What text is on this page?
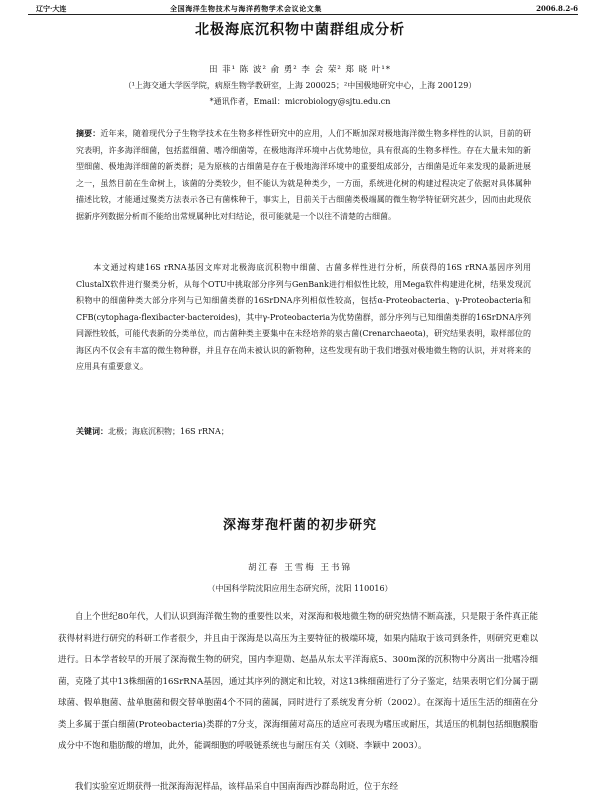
辽宁·大连	全国海洋生物技术与海洋药物学术会议论文集	2006.8.2-6
北极海底沉积物中菌群组成分析
田 菲¹ 陈 波² 俞 勇² 李 会 荣² 郑 晓 叶¹*
（¹上海交通大学医学院，病原生物学教研室，上海 200025；²中国极地研究中心，上海 200129）
*通讯作者，Email：microbiology@sjtu.edu.cn

摘要：近年来，随着现代分子生物学技术在生物多样性研究中的应用，人们不断加深对极地海洋微生物多样性的认识，目前的研究表明，许多海洋细菌，包括蓝细菌、嗜冷细菌等，在极地海洋环境中占优势地位，具有很高的生物多样性。存在大量未知的新型细菌、极地海洋细菌的新类群；是为原核的古细菌是存在于极地海洋环境中的重要组成部分，古细菌是近年来发现的最新进展之一，虽然目前在生命树上，该菌的分类较少，但不能认为就是种类少，一方面，系统进化树的构建过程决定了依据对具体属种描述比较，才能通过聚类方法表示各已有菌株种于，事实上，目前关于古细菌类极端属的微生物学特征研究甚少，因而由此现依据新序列数据分析而不能给出常规属种比对归结论，很可能就是一个以往不清楚的古细菌。

　　本文通过构建16S rRNA基因文库对北极海底沉积物中细菌、古菌多样性进行分析，所获得的16S rRNA基因序列用ClustalX软件进行聚类分析，从每个OTU中挑取部分序列与GenBank进行相似性比较，用Mega软件构建进化树，结果发现沉积物中的细菌种类大部分序列与已知细菌类群的16SrDNA序列相似性较高，包括α-Proteobacteria、γ-Proteobacteria和CFB(cytophaga-flexibacter-bacteroides)，其中γ-Proteobacteria为优势菌群，部分序列与已知细菌类群的16SrDNA序列同源性较低，可能代表新的分类单位，而古菌种类主要集中在未经培养的泉古菌(Crenarchaeota)，研究结果表明，取样部位的海区内不仅会有丰富的微生物种群，并且存在尚未被认识的新物种，这些发现有助于我们增强对极地微生物的认识，并对将来的应用具有重要意义。

关键词：北极；海底沉积物；16S rRNA；

深海芽孢杆菌的初步研究
胡江春 王雪梅 王书锦
（中国科学院沈阳应用生态研究所，沈阳 110016）

自上个世纪80年代，人们认识到海洋微生物的重要性以来，对深海和极地微生物的研究热情不断高涨，只是限于条件真正能获得材料进行研究的科研工作者很少，并且由于深海是以高压为主要特征的极端环境，如果内陆取于该司到条件，则研究更难以进行。日本学者较早的开展了深海微生物的研究，国内李迎勋、赵晶从东太平洋海底5、300m深的沉积物中分离出一批嗜冷细菌，克隆了其中13株细菌的16SrRNA基因，通过其序列的测定和比较，对这13株细菌进行了分子鉴定，结果表明它们分属于副球菌、假单胞菌、盐单胞菌和假交替单胞菌4个不同的菌属，同时进行了系统发育分析（2002）。在深海十适压生活的细菌在分类上多属于蛋白细菌(Proteobacteria)类群的7分支，深海细菌对高压的适应可表现为嗜压或耐压，其适压的机制包括细胞膜脂成分中不饱和脂肪酸的增加，此外，能调细胞的呼吸链系统也与耐压有关（刘晓、李颖中 2003）。

我们实验室近期获得一批深海海泥样品，该样品采自中国南海西沙群岛附近，位于东经
